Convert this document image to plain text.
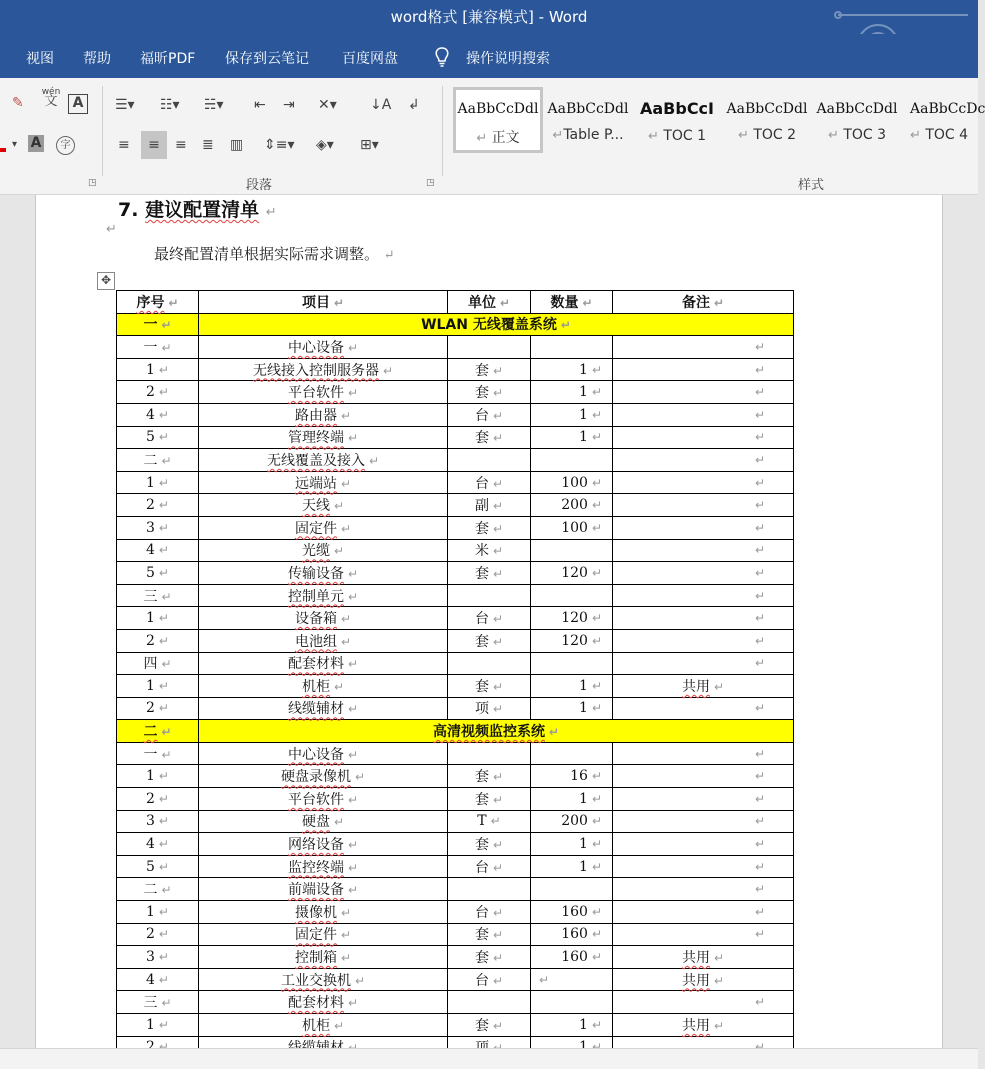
word格式 [兼容模式] - Word
视图 帮助 福昕PDF 保存到云笔记 百度网盘	操作说明搜索
✎
wén
文	A
▾ A	字
☰▾ ☷▾ ☵▾ ⇤ ⇥ ✕▾ ↓A ↲
≡	≡	≡ ≣ ▥ ⇕≡▾ ◈▾ ⊞▾
段落
◳	◳
AaBbCcDdl
↵ 正文
AaBbCcDdl
↵Table P...
AaBbCcI
↵ TOC 1
AaBbCcDdl
↵ TOC 2
AaBbCcDdl
↵ TOC 3
AaBbCcDc
↵ TOC 4
样式
7. 建议配置清单 ↵
↵
最终配置清单根据实际需求调整。 ↵
✥
序号 ↵	项目 ↵	单位 ↵	数量 ↵	备注 ↵
一 ↵	WLAN 无线覆盖系统 ↵			
一 ↵	中心设备 ↵			↵
1 ↵	无线接入控制服务器 ↵	套 ↵	1 ↵	↵
2 ↵	平台软件 ↵	套 ↵	1 ↵	↵
4 ↵	路由器 ↵	台 ↵	1 ↵	↵
5 ↵	管理终端 ↵	套 ↵	1 ↵	↵
二 ↵	无线覆盖及接入 ↵			↵
1 ↵	远端站 ↵	台 ↵	100 ↵	↵
2 ↵	天线 ↵	副 ↵	200 ↵	↵
3 ↵	固定件 ↵	套 ↵	100 ↵	↵
4 ↵	光缆 ↵	米 ↵		↵
5 ↵	传输设备 ↵	套 ↵	120 ↵	↵
三 ↵	控制单元 ↵			↵
1 ↵	设备箱 ↵	台 ↵	120 ↵	↵
2 ↵	电池组 ↵	套 ↵	120 ↵	↵
四 ↵	配套材料 ↵			↵
1 ↵	机柜 ↵	套 ↵	1 ↵	共用 ↵
2 ↵	线缆辅材 ↵	项 ↵	1 ↵	↵
二 ↵	高清视频监控系统 ↵			
一 ↵	中心设备 ↵			↵
1 ↵	硬盘录像机 ↵	套 ↵	16 ↵	↵
2 ↵	平台软件 ↵	套 ↵	1 ↵	↵
3 ↵	硬盘 ↵	T ↵	200 ↵	↵
4 ↵	网络设备 ↵	套 ↵	1 ↵	↵
5 ↵	监控终端 ↵	台 ↵	1 ↵	↵
二 ↵	前端设备 ↵			↵
1 ↵	摄像机 ↵	台 ↵	160 ↵	↵
2 ↵	固定件 ↵	套 ↵	160 ↵	↵
3 ↵	控制箱 ↵	套 ↵	160 ↵	共用 ↵
4 ↵	工业交换机 ↵	台 ↵	↵	共用 ↵
三 ↵	配套材料 ↵			↵
1 ↵	机柜 ↵	套 ↵	1 ↵	共用 ↵
